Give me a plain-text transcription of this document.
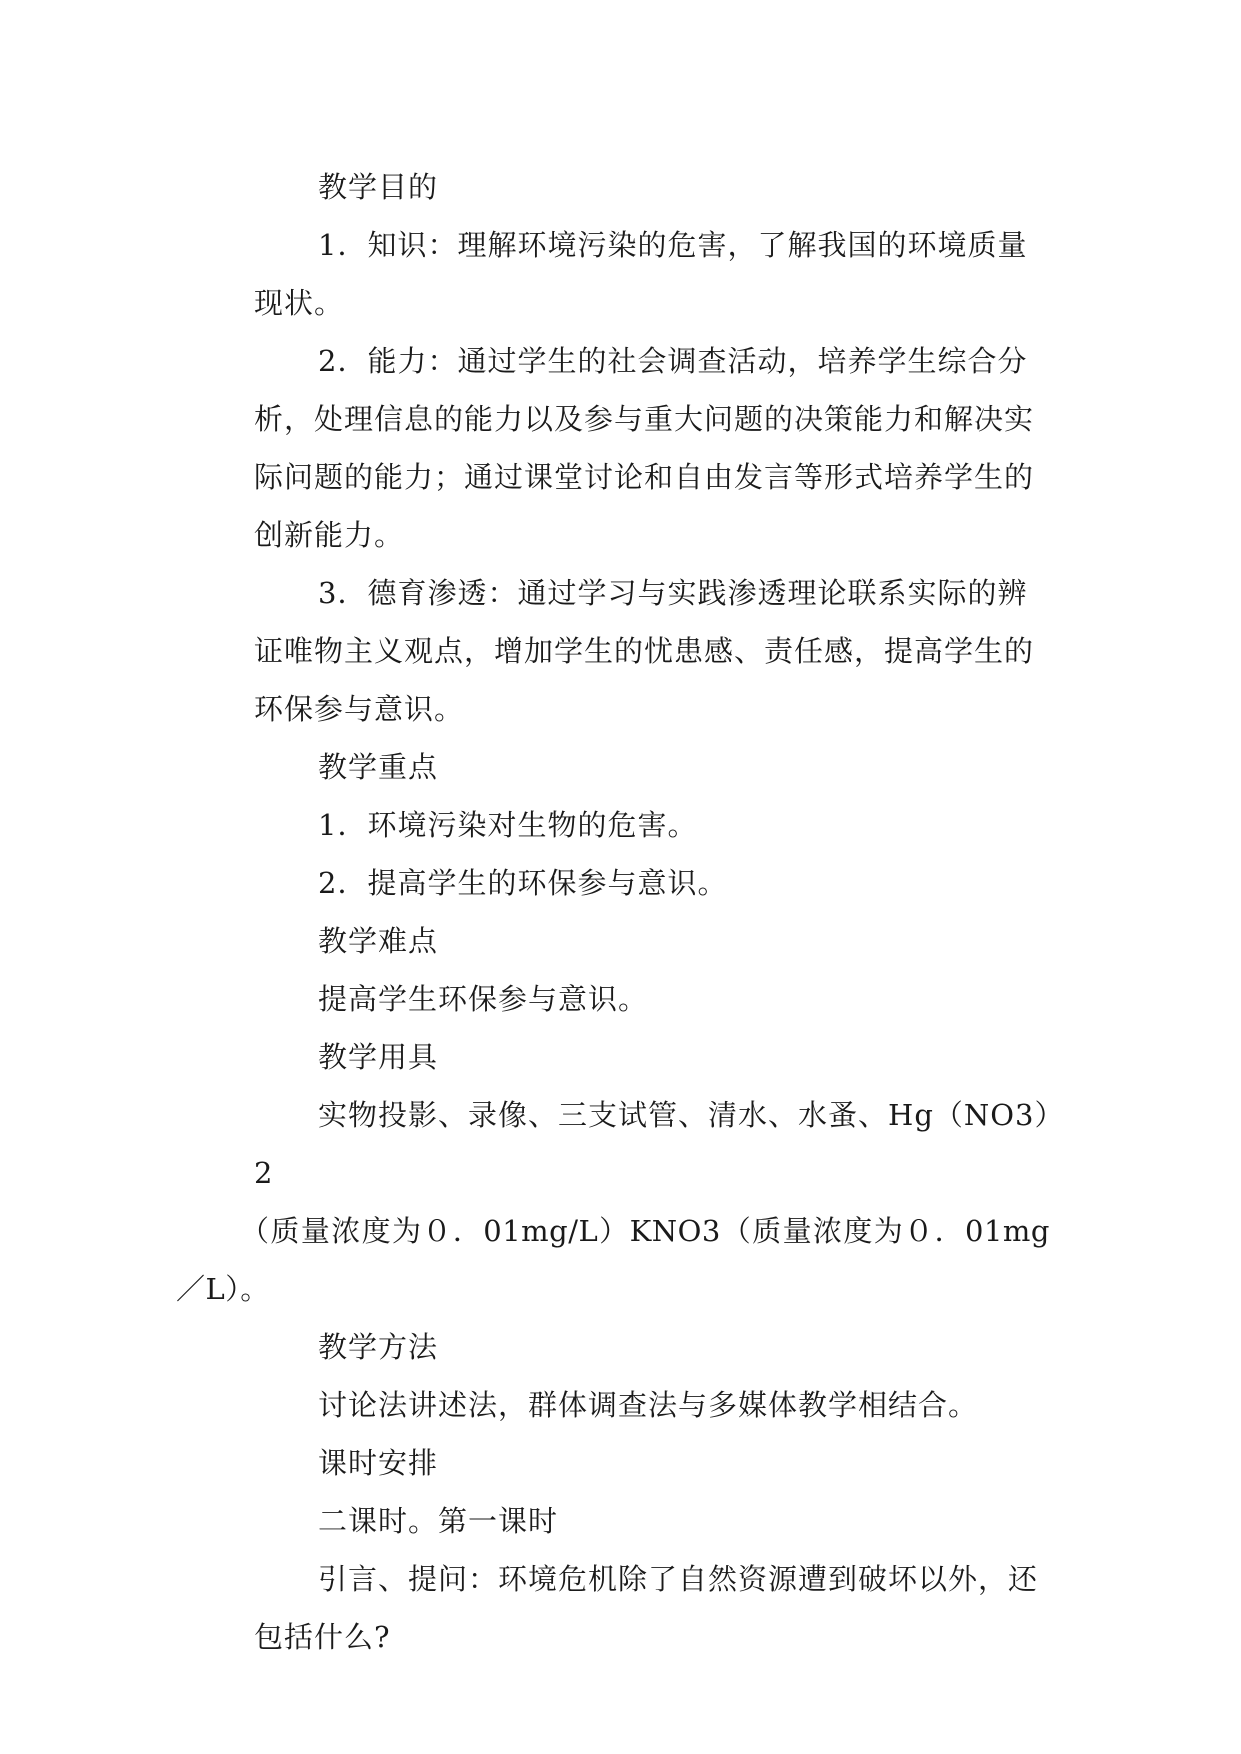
教学目的
1．知识：理解环境污染的危害，了解我国的环境质量
现状。
2．能力：通过学生的社会调查活动，培养学生综合分
析，处理信息的能力以及参与重大问题的决策能力和解决实
际问题的能力；通过课堂讨论和自由发言等形式培养学生的
创新能力。
3．德育渗透：通过学习与实践渗透理论联系实际的辨
证唯物主义观点，增加学生的忧患感、责任感，提高学生的
环保参与意识。
教学重点
1．环境污染对生物的危害。
2．提高学生的环保参与意识。
教学难点
提高学生环保参与意识。
教学用具
实物投影、录像、三支试管、清水、水蚤、Hg（NO3）2
（质量浓度为０．01mg/L）KNO3（质量浓度为０．01mg／L）。
教学方法
讨论法讲述法，群体调查法与多媒体教学相结合。
课时安排
二课时。第一课时
引言、提问：环境危机除了自然资源遭到破坏以外，还
包括什么?
